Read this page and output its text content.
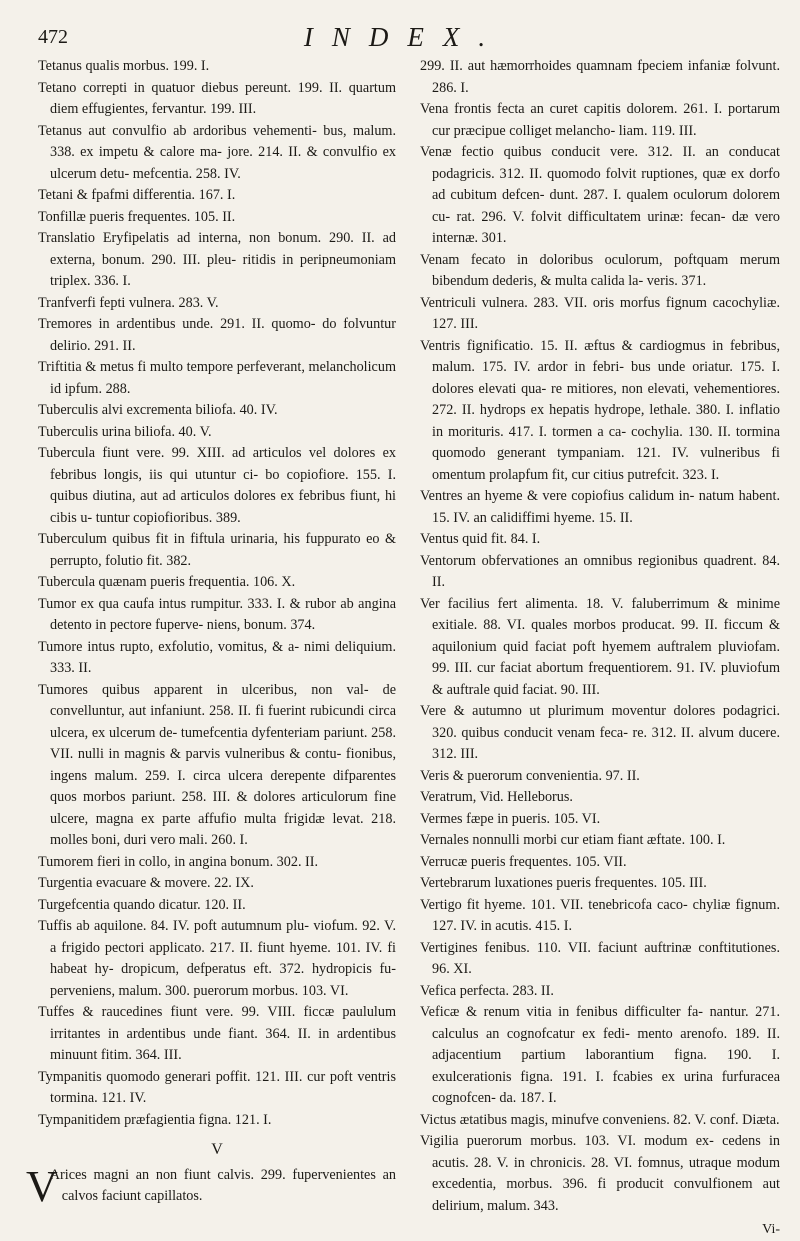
472	INDEX.

Tetanus qualis morbus. 199. I.

Tetano correpti in quatuor diebus pereunt. 199. II. quartum diem effugientes, fervantur. 199. III.

Tetanus aut convulfio ab ardoribus vehementi- bus, malum. 338. ex impetu & calore ma- jore. 214. II. & convulfio ex ulcerum detu- mefcentia. 258. IV.

Tetani & fpafmi differentia. 167. I.

Tonfillæ pueris frequentes. 105. II.

Translatio Eryfipelatis ad interna, non bonum. 290. II. ad externa, bonum. 290. III. pleu- ritidis in peripneumoniam triplex. 336. I.

Tranfverfi fepti vulnera. 283. V.

Tremores in ardentibus unde. 291. II. quomo- do folvuntur delirio. 291. II.

Triftitia & metus fi multo tempore perfeverant, melancholicum id ipfum. 288.

Tuberculis alvi excrementa biliofa. 40. IV.

Tuberculis urina biliofa. 40. V.

Tubercula fiunt vere. 99. XIII. ad articulos vel dolores ex febribus longis, iis qui utuntur ci- bo copiofiore. 155. I. quibus diutina, aut ad articulos dolores ex febribus fiunt, hi cibis u- tuntur copiofioribus. 389.

Tuberculum quibus fit in fiftula urinaria, his fuppurato eo & perrupto, folutio fit. 382.

Tubercula quænam pueris frequentia. 106. X.

Tumor ex qua caufa intus rumpitur. 333. I. & rubor ab angina detento in pectore fuperve- niens, bonum. 374.

Tumore intus rupto, exfolutio, vomitus, & a- nimi deliquium. 333. II.

Tumores quibus apparent in ulceribus, non val- de convelluntur, aut infaniunt. 258. II. fi fuerint rubicundi circa ulcera, ex ulcerum de- tumefcentia dyfenteriam pariunt. 258. VII. nulli in magnis & parvis vulneribus & contu- fionibus, ingens malum. 259. I. circa ulcera derepente difparentes quos morbos pariunt. 258. III. & dolores articulorum fine ulcere, magna ex parte affufio multa frigidæ levat. 218. molles boni, duri vero mali. 260. I.

Tumorem fieri in collo, in angina bonum. 302. II.

Turgentia evacuare & movere. 22. IX.

Turgefcentia quando dicatur. 120. II.

Tuffis ab aquilone. 84. IV. poft autumnum plu- viofum. 92. V. a frigido pectori applicato. 217. II. fiunt hyeme. 101. IV. fi habeat hy- dropicum, defperatus eft. 372. hydropicis fu- perveniens, malum. 300. puerorum morbus. 103. VI.

Tuffes & raucedines fiunt vere. 99. VIII. ficcæ paululum irritantes in ardentibus unde fiant. 364. II. in ardentibus minuunt fitim. 364. III.

Tympanitis quomodo generari poffit. 121. III. cur poft ventris tormina. 121. IV.

Tympanitidem præfagientia figna. 121. I.

V

V
Arices magni an non fiunt calvis. 299. fupervenientes an calvos faciunt capillatos.

299. II. aut hæmorrhoides quamnam fpeciem infaniæ folvunt. 286. I.

Vena frontis fecta an curet capitis dolorem. 261. I. portarum cur præcipue colliget melancho- liam. 119. III.

Venæ fectio quibus conducit vere. 312. II. an conducat podagricis. 312. II. quomodo folvit ruptiones, quæ ex dorfo ad cubitum defcen- dunt. 287. I. qualem oculorum dolorem cu- rat. 296. V. folvit difficultatem urinæ: fecan- dæ vero internæ. 301.

Venam fecato in doloribus oculorum, poftquam merum bibendum dederis, & multa calida la- veris. 371.

Ventriculi vulnera. 283. VII. oris morfus fignum cacochyliæ. 127. III.

Ventris fignificatio. 15. II. æftus & cardiogmus in febribus, malum. 175. IV. ardor in febri- bus unde oriatur. 175. I. dolores elevati qua- re mitiores, non elevati, vehementiores. 272. II. hydrops ex hepatis hydrope, lethale. 380. I. inflatio in morituris. 417. I. tormen a ca- cochylia. 130. II. tormina quomodo generant tympaniam. 121. IV. vulneribus fi omentum prolapfum fit, cur citius putrefcit. 323. I.

Ventres an hyeme & vere copiofius calidum in- natum habent. 15. IV. an calidiffimi hyeme. 15. II.

Ventus quid fit. 84. I.

Ventorum obfervationes an omnibus regionibus quadrent. 84. II.

Ver facilius fert alimenta. 18. V. faluberrimum & minime exitiale. 88. VI. quales morbos producat. 99. II. ficcum & aquilonium quid faciat poft hyemem auftralem pluviofam. 99. III. cur faciat abortum frequentiorem. 91. IV. pluviofum & auftrale quid faciat. 90. III.

Vere & autumno ut plurimum moventur dolores podagrici. 320. quibus conducit venam feca- re. 312. II. alvum ducere. 312. III.

Veris & puerorum convenientia. 97. II.

Veratrum, Vid. Helleborus.

Vermes fæpe in pueris. 105. VI.

Vernales nonnulli morbi cur etiam fiant æftate. 100. I.

Verrucæ pueris frequentes. 105. VII.

Vertebrarum luxationes pueris frequentes. 105. III.

Vertigo fit hyeme. 101. VII. tenebricofa caco- chyliæ fignum. 127. IV. in acutis. 415. I.

Vertigines fenibus. 110. VII. faciunt auftrinæ conftitutiones. 96. XI.

Vefica perfecta. 283. II.

Veficæ & renum vitia in fenibus difficulter fa- nantur. 271. calculus an cognofcatur ex fedi- mento arenofo. 189. II. adjacentium partium laborantium figna. 190. I. exulcerationis figna. 191. I. fcabies ex urina furfuracea cognofcen- da. 187. I.

Victus ætatibus magis, minufve conveniens. 82. V. conf. Diæta.

Vigilia puerorum morbus. 103. VI. modum ex- cedens in acutis. 28. V. in chronicis. 28. VI. fomnus, utraque modum excedentia, morbus. 396. fi producit convulfionem aut delirium, malum. 343.

Vi-
